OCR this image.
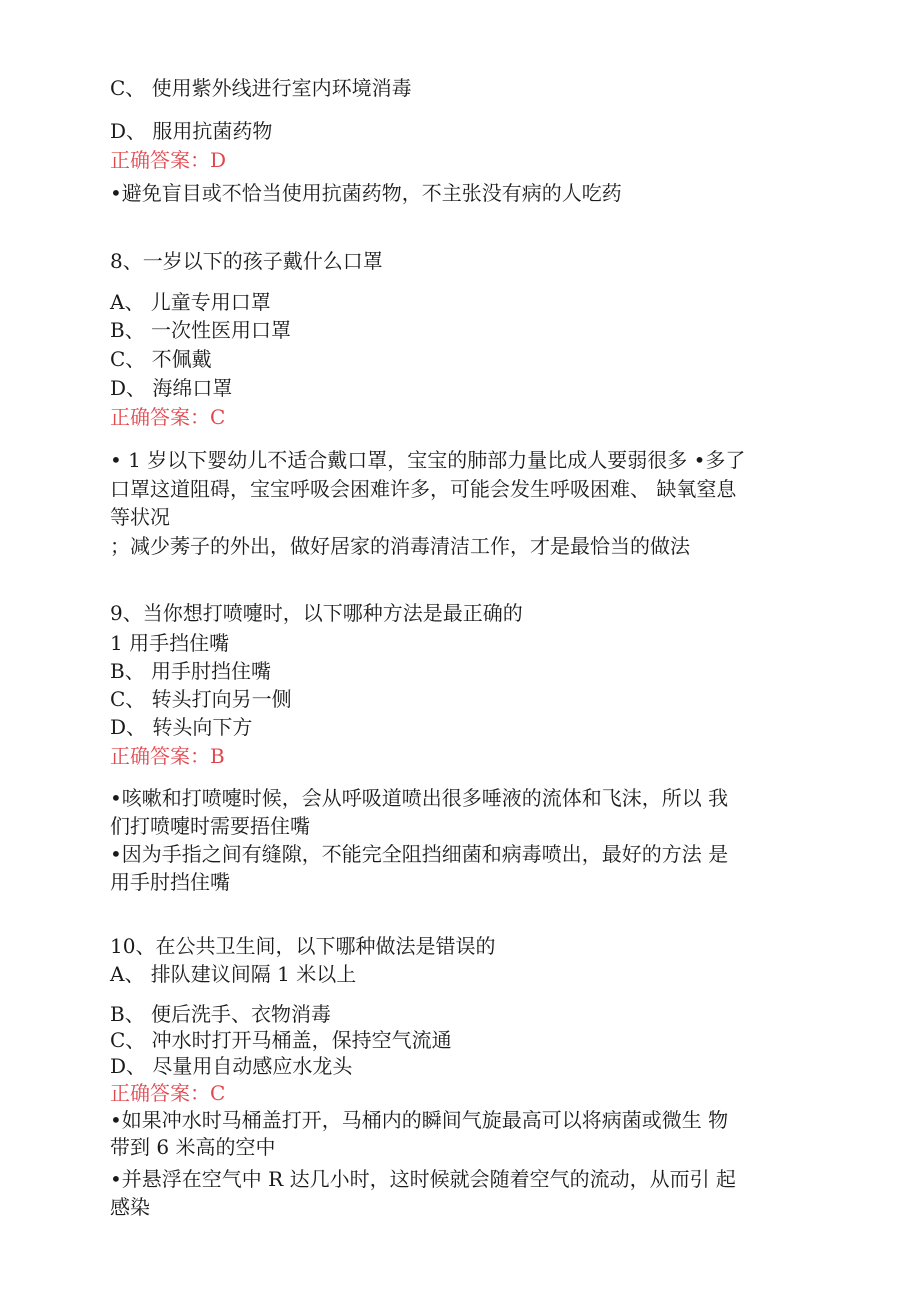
C、 使用紫外线进行室内环境消毒
D、 服用抗菌药物
正确答案：D
•避免盲目或不恰当使用抗菌药物，不主张没有病的人吃药
8、一岁以下的孩子戴什么口罩
A、 儿童专用口罩
B、 一次性医用口罩
C、 不佩戴
D、 海绵口罩
正确答案：C
• 1 岁以下婴幼儿不适合戴口罩，宝宝的肺部力量比成人要弱很多 •多了
口罩这道阻碍，宝宝呼吸会困难许多，可能会发生呼吸困难、 缺氧窒息
等状况
；减少莠子的外出，做好居家的消毒清洁工作，才是最恰当的做法
9、当你想打喷嚏时，以下哪种方法是最正确的
1 用手挡住嘴
B、 用手肘挡住嘴
C、 转头打向另一侧
D、 转头向下方
正确答案：B
•咳嗽和打喷嚏时候，会从呼吸道喷出很多唾液的流体和飞沫，所以 我
们打喷嚏时需要捂住嘴
•因为手指之间有缝隙，不能完全阻挡细菌和病毒喷出，最好的方法 是
用手肘挡住嘴
10、在公共卫生间，以下哪种做法是错误的
A、 排队建议间隔 1 米以上
B、 便后洗手、衣物消毒
C、 冲水时打开马桶盖，保持空气流通
D、 尽量用自动感应水龙头
正确答案：C
•如果冲水时马桶盖打开，马桶内的瞬间气旋最高可以将病菌或微生 物
带到 6 米高的空中
•并悬浮在空气中 R 达几小时，这时候就会随着空气的流动，从而引 起
感染
